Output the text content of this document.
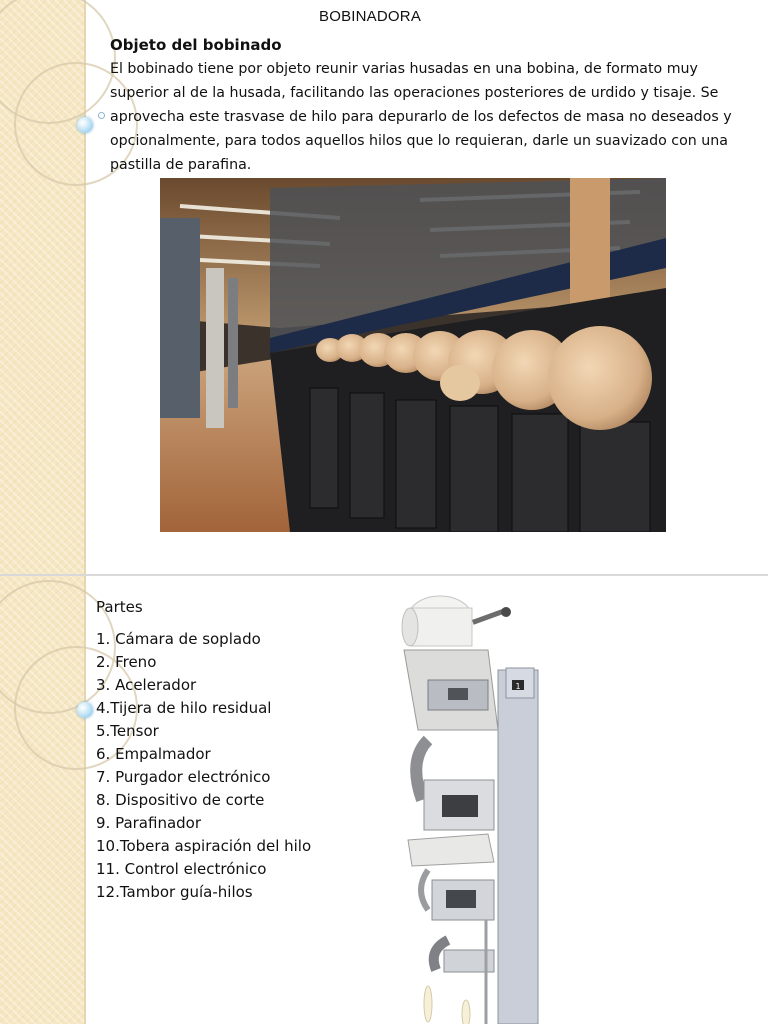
BOBINADORA
Objeto del bobinado
El bobinado tiene por objeto reunir varias husadas en una bobina, de formato muy superior al de la husada, facilitando las operaciones posteriores de urdido y tisaje. Se aprovecha este trasvase de hilo para depurarlo de los defectos de masa no deseados y opcionalmente, para todos aquellos hilos que lo requieran, darle un suavizado con una pastilla de parafina.
Partes
1. Cámara de soplado
2. Freno
3. Acelerador
4.Tijera de hilo residual
5.Tensor
6. Empalmador
7. Purgador electrónico
8. Dispositivo de corte
9. Parafinador
10.Tobera aspiración del hilo
11. Control electrónico
12.Tambor guía-hilos
1
